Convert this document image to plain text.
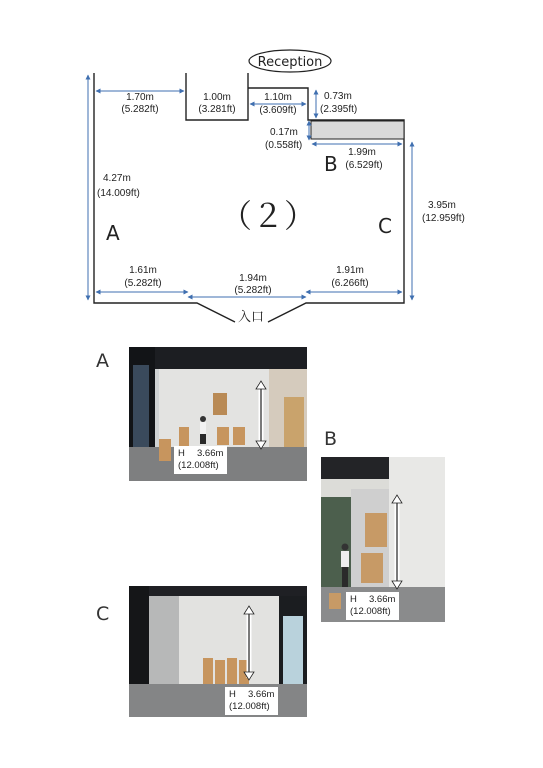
Reception
1.70m
(5.282ft)
1.00m
(3.281ft)
1.10m
(3.609ft)
0.73m
(2.395ft)
0.17m
(0.558ft)
1.99m
(6.529ft)
4.27m
(14.009ft)
3.95m
(12.959ft)
1.61m
(5.282ft)	1.94m
(5.282ft)
1.91m
(6.266ft)
A
B
C
（２）
入口
A
H　 3.66m
(12.008ft)
B
H　 3.66m
(12.008ft)
C
H　 3.66m
(12.008ft)
